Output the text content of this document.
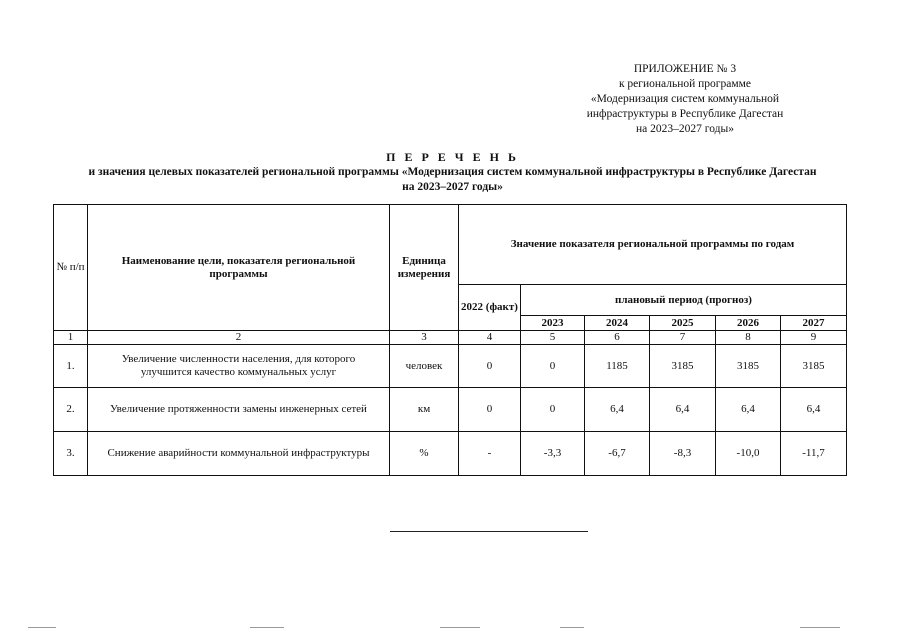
ПРИЛОЖЕНИЕ № 3
к региональной программе
«Модернизация систем коммунальной
инфраструктуры в Республике Дагестан
на 2023–2027 годы»
П Е Р Е Ч Е Н Ь
и значения целевых показателей региональной программы «Модернизация систем коммунальной инфраструктуры в Республике Дагестан
на 2023–2027 годы»
№ п/п	Наименование цели, показателя региональной программы	Единица измерения	Значение показателя региональной программы по годам					
			2022 (факт)	плановый период (прогноз)				
				2023	2024	2025	2026	2027
1	2	3	4	5	6	7	8	9
1.	Увеличение численности населения, для которого улучшится качество коммунальных услуг	человек	0	0	1185	3185	3185	3185
2.	Увеличение протяженности замены инженерных сетей	км	0	0	6,4	6,4	6,4	6,4
3.	Снижение аварийности коммунальной инфраструктуры	%	-	-3,3	-6,7	-8,3	-10,0	-11,7
